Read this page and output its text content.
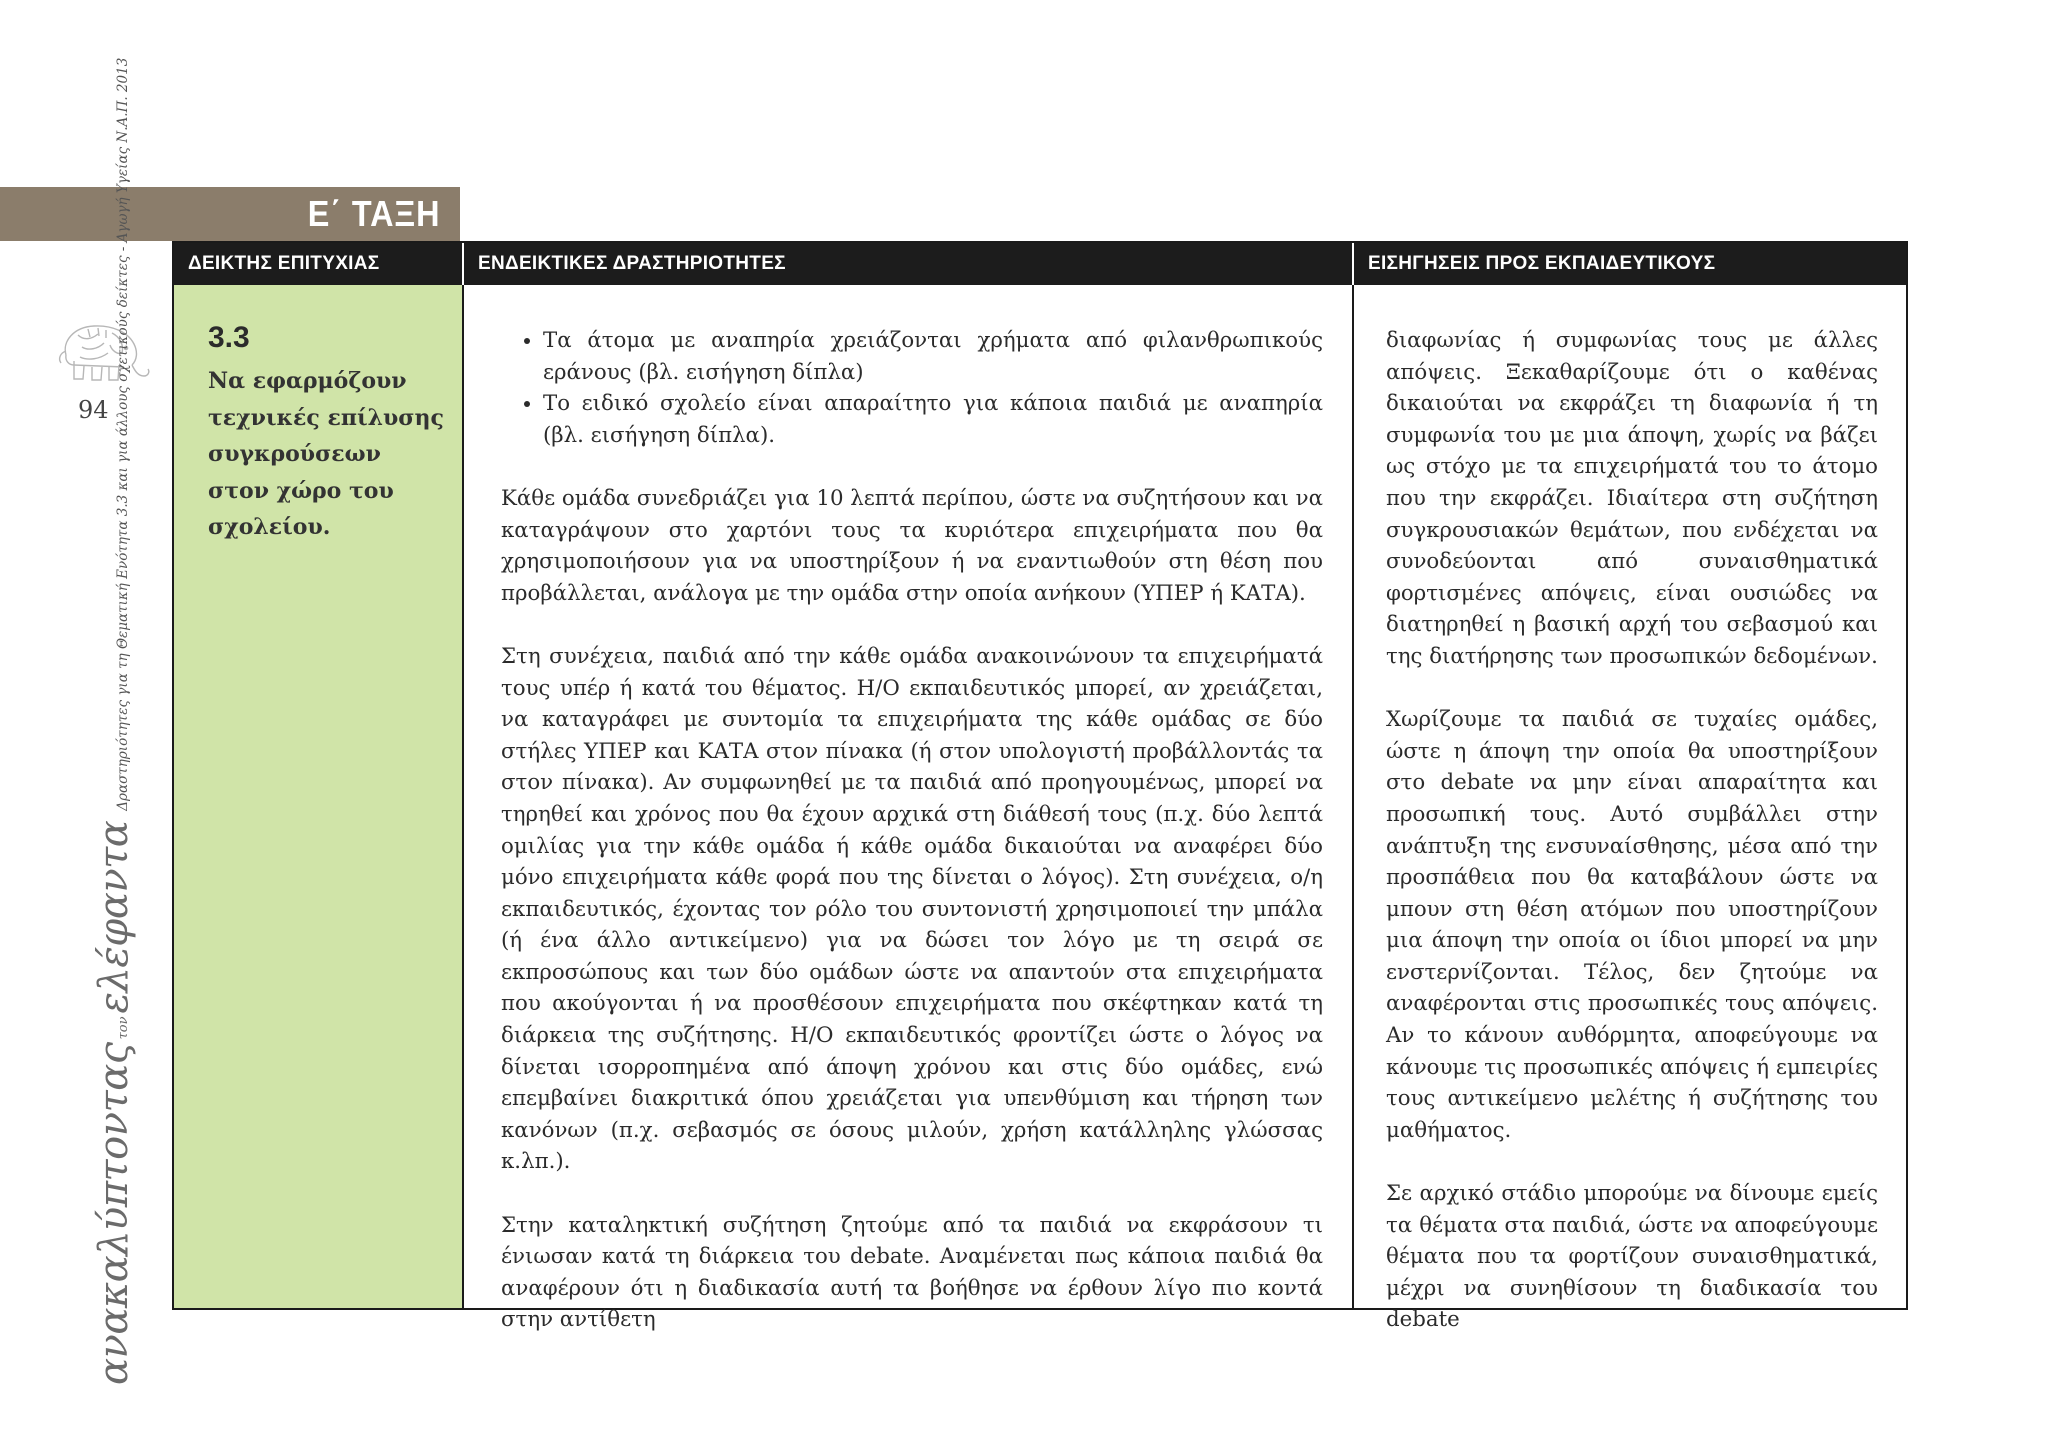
Ε΄ ΤΑΞΗ
ΔΕΙΚΤΗΣ ΕΠΙΤΥΧΙΑΣ	ΕΝΔΕΙΚΤΙΚΕΣ ΔΡΑΣΤΗΡΙΟΤΗΤΕΣ	ΕΙΣΗΓΗΣΕΙΣ ΠΡΟΣ ΕΚΠΑΙΔΕΥΤΙΚΟΥΣ
3.3
Να εφαρμόζουν τεχνικές επίλυσης συγκρούσεων στον χώρο του σχολείου.
• Τα άτομα με αναπηρία χρειάζονται χρήματα από φιλανθρωπικούς εράνους (βλ. εισήγηση δίπλα)
• Το ειδικό σχολείο είναι απαραίτητο για κάποια παιδιά με αναπηρία (βλ. εισήγηση δίπλα).

Κάθε ομάδα συνεδριάζει για 10 λεπτά περίπου, ώστε να συζητήσουν και να καταγράψουν στο χαρτόνι τους τα κυριότερα επιχειρήματα που θα χρησιμοποιήσουν για να υποστηρίξουν ή να εναντιωθούν στη θέση που προβάλλεται, ανάλογα με την ομάδα στην οποία ανήκουν (ΥΠΕΡ ή ΚΑΤΑ).

Στη συνέχεια, παιδιά από την κάθε ομάδα ανακοινώνουν τα επιχειρήματά τους υπέρ ή κατά του θέματος. Η/Ο εκπαιδευτικός μπορεί, αν χρειάζεται, να καταγράφει με συντομία τα επιχειρήματα της κάθε ομάδας σε δύο στήλες ΥΠΕΡ και ΚΑΤΑ στον πίνακα (ή στον υπολογιστή προβάλλοντάς τα στον πίνακα). Αν συμφωνηθεί με τα παιδιά από προηγουμένως, μπορεί να τηρηθεί και χρόνος που θα έχουν αρχικά στη διάθεσή τους (π.χ. δύο λεπτά ομιλίας για την κάθε ομάδα ή κάθε ομάδα δικαιούται να αναφέρει δύο μόνο επιχειρήματα κάθε φορά που της δίνεται ο λόγος). Στη συνέχεια, ο/η εκπαιδευτικός, έχοντας τον ρόλο του συντονιστή χρησιμοποιεί την μπάλα (ή ένα άλλο αντικείμενο) για να δώσει τον λόγο με τη σειρά σε εκπροσώπους και των δύο ομάδων ώστε να απαντούν στα επιχειρήματα που ακούγονται ή να προσθέσουν επιχειρήματα που σκέφτηκαν κατά τη διάρκεια της συζήτησης. Η/Ο εκπαιδευτικός φροντίζει ώστε ο λόγος να δίνεται ισορροπημένα από άποψη χρόνου και στις δύο ομάδες, ενώ επεμβαίνει διακριτικά όπου χρειάζεται για υπενθύμιση και τήρηση των κανόνων (π.χ. σεβασμός σε όσους μιλούν, χρήση κατάλληλης γλώσσας κ.λπ.).

Στην καταληκτική συζήτηση ζητούμε από τα παιδιά να εκφράσουν τι ένιωσαν κατά τη διάρκεια του debate. Αναμένεται πως κάποια παιδιά θα αναφέρουν ότι η διαδικασία αυτή τα βοήθησε να έρθουν λίγο πιο κοντά στην αντίθετη

διαφωνίας ή συμφωνίας τους με άλλες απόψεις. Ξεκαθαρίζουμε ότι ο καθένας δικαιούται να εκφράζει τη διαφωνία ή τη συμφωνία του με μια άποψη, χωρίς να βάζει ως στόχο με τα επιχειρήματά του το άτομο που την εκφράζει. Ιδιαίτερα στη συζήτηση συγκρουσιακών θεμάτων, που ενδέχεται να συνοδεύονται από συναισθηματικά φορτισμένες απόψεις, είναι ουσιώδες να διατηρηθεί η βασική αρχή του σεβασμού και της διατήρησης των προσωπικών δεδομένων.

Χωρίζουμε τα παιδιά σε τυχαίες ομάδες, ώστε η άποψη την οποία θα υποστηρίξουν στο debate να μην είναι απαραίτητα και προσωπική τους. Αυτό συμβάλλει στην ανάπτυξη της ενσυναίσθησης, μέσα από την προσπάθεια που θα καταβάλουν ώστε να μπουν στη θέση ατόμων που υποστηρίζουν μια άποψη την οποία οι ίδιοι μπορεί να μην ενστερνίζονται. Τέλος, δεν ζητούμε να αναφέρονται στις προσωπικές τους απόψεις. Αν το κάνουν αυθόρμητα, αποφεύγουμε να κάνουμε τις προσωπικές απόψεις ή εμπειρίες τους αντικείμενο μελέτης ή συζήτησης του μαθήματος.

Σε αρχικό στάδιο μπορούμε να δίνουμε εμείς τα θέματα στα παιδιά, ώστε να αποφεύγουμε θέματα που τα φορτίζουν συναισθηματικά, μέχρι να συνηθίσουν τη διαδικασία του debate

94
ανακαλύπτοντας
τον
ελέφαντα
Δραστηριότητες για τη Θεματική Ενότητα 3.3 και για άλλους σχετικούς δείκτες - Αγωγή Υγείας Ν.Α.Π. 2013
